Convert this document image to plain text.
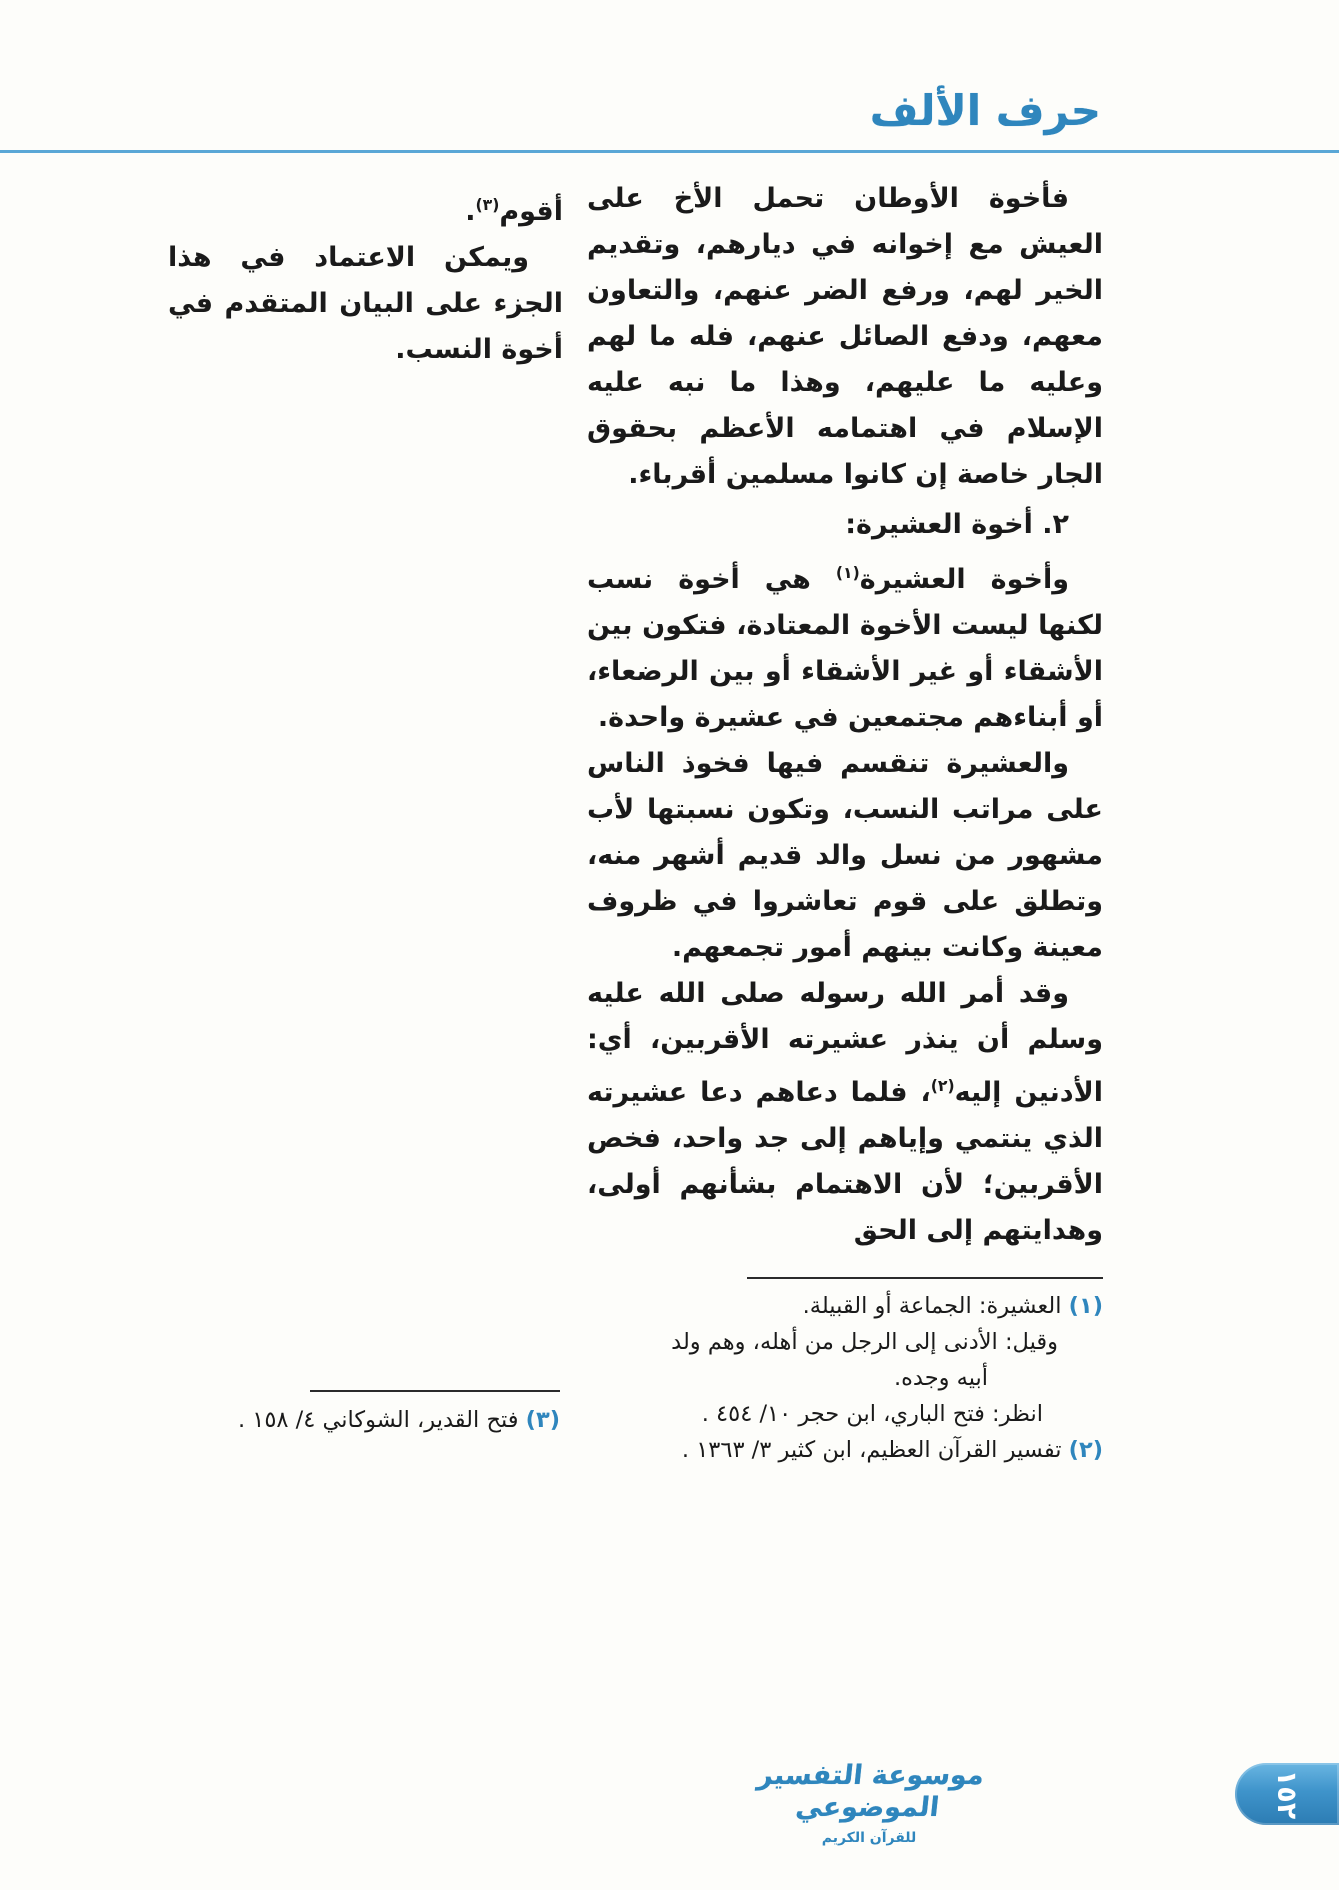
حرف الألف

فأخوة الأوطان تحمل الأخ على العيش مع إخوانه في ديارهم، وتقديم الخير لهم، ورفع الضر عنهم، والتعاون معهم، ودفع الصائل عنهم، فله ما لهم وعليه ما عليهم، وهذا ما نبه عليه الإسلام في اهتمامه الأعظم بحقوق الجار خاصة إن كانوا مسلمين أقرباء.

٢. أخوة العشيرة:

وأخوة العشيرة$^{(١)}$ هي أخوة نسب لكنها ليست الأخوة المعتادة، فتكون بين الأشقاء أو غير الأشقاء أو بين الرضعاء، أو أبناءهم مجتمعين في عشيرة واحدة.

والعشيرة تنقسم فيها فخوذ الناس على مراتب النسب، وتكون نسبتها لأب مشهور من نسل والد قديم أشهر منه، وتطلق على قوم تعاشروا في ظروف معينة وكانت بينهم أمور تجمعهم.

وقد أمر الله رسوله صلى الله عليه وسلم أن ينذر عشيرته الأقربين، أي: الأدنين إليه$^{(٢)}$، فلما دعاهم دعا عشيرته الذي ينتمي وإياهم إلى جد واحد، فخص الأقربين؛ لأن الاهتمام بشأنهم أولى، وهدايتهم إلى الحق

أقوم$^{(٣)}$.

ويمكن الاعتماد في هذا الجزء على البيان المتقدم في أخوة النسب.

(١) العشيرة: الجماعة أو القبيلة.
وقيل: الأدنى إلى الرجل من أهله، وهم ولد
أبيه وجده.
انظر: فتح الباري، ابن حجر ١٠/ ٤٥٤ .
(٢) تفسير القرآن العظيم، ابن كثير ٣/ ١٣٦٣ .
(٣) فتح القدير، الشوكاني ٤/ ١٥٨ .
موسوعة التفسير الموضوعي
للقرآن الكريم
١٥٢
